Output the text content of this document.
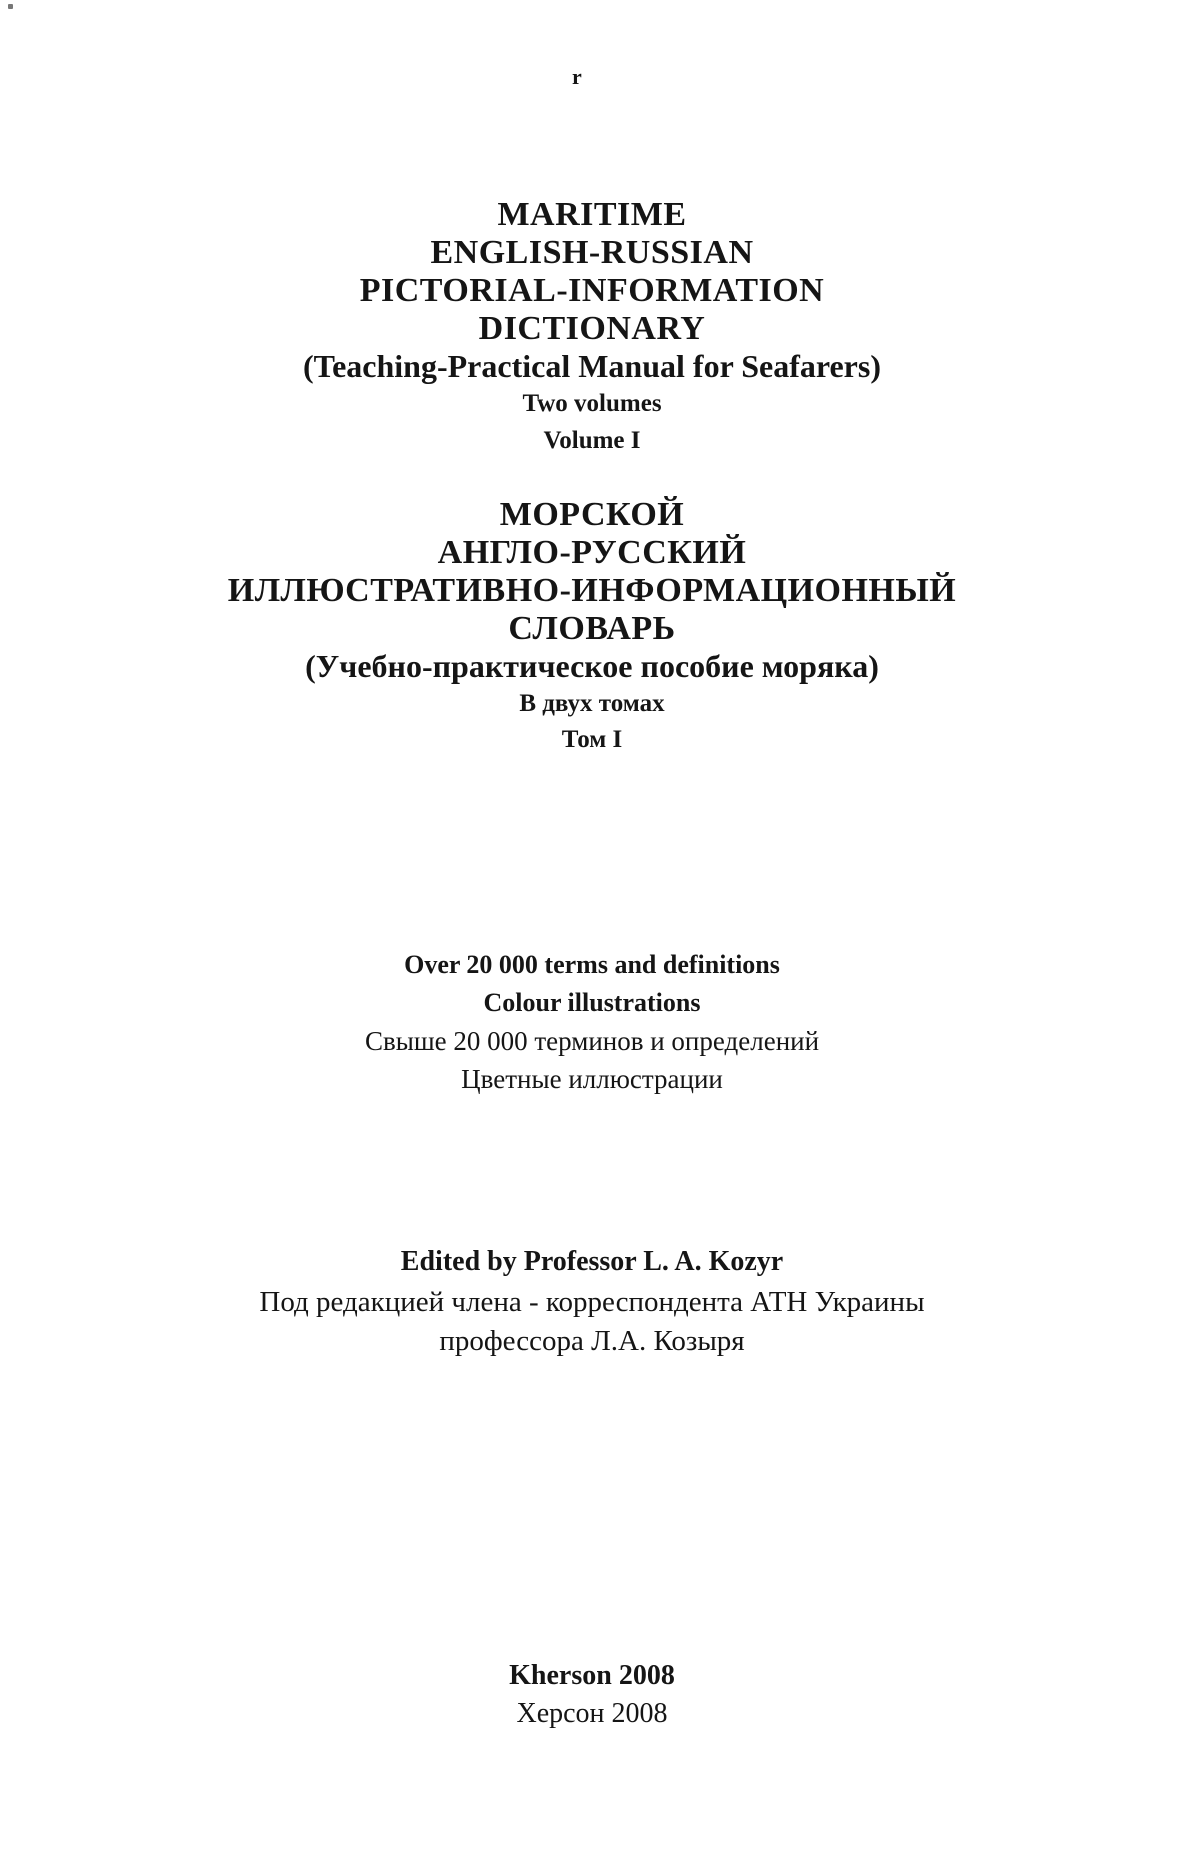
r
MARITIME
ENGLISH-RUSSIAN
PICTORIAL-INFORMATION
DICTIONARY
(Teaching-Practical Manual for Seafarers)
Two volumes
Volume I
МОРСКОЙ
АНГЛО-РУССКИЙ
ИЛЛЮСТРАТИВНО-ИНФОРМАЦИОННЫЙ
СЛОВАРЬ
(Учебно-практическое пособие моряка)
В двух томах
Том I
Over 20 000 terms and definitions
Colour illustrations
Свыше 20 000 терминов и определений
Цветные иллюстрации
Edited by Professor L. A. Kozyr
Под редакцией члена - корреспондента АТН Украины
профессора Л.А. Козыря
Kherson 2008
Херсон 2008
